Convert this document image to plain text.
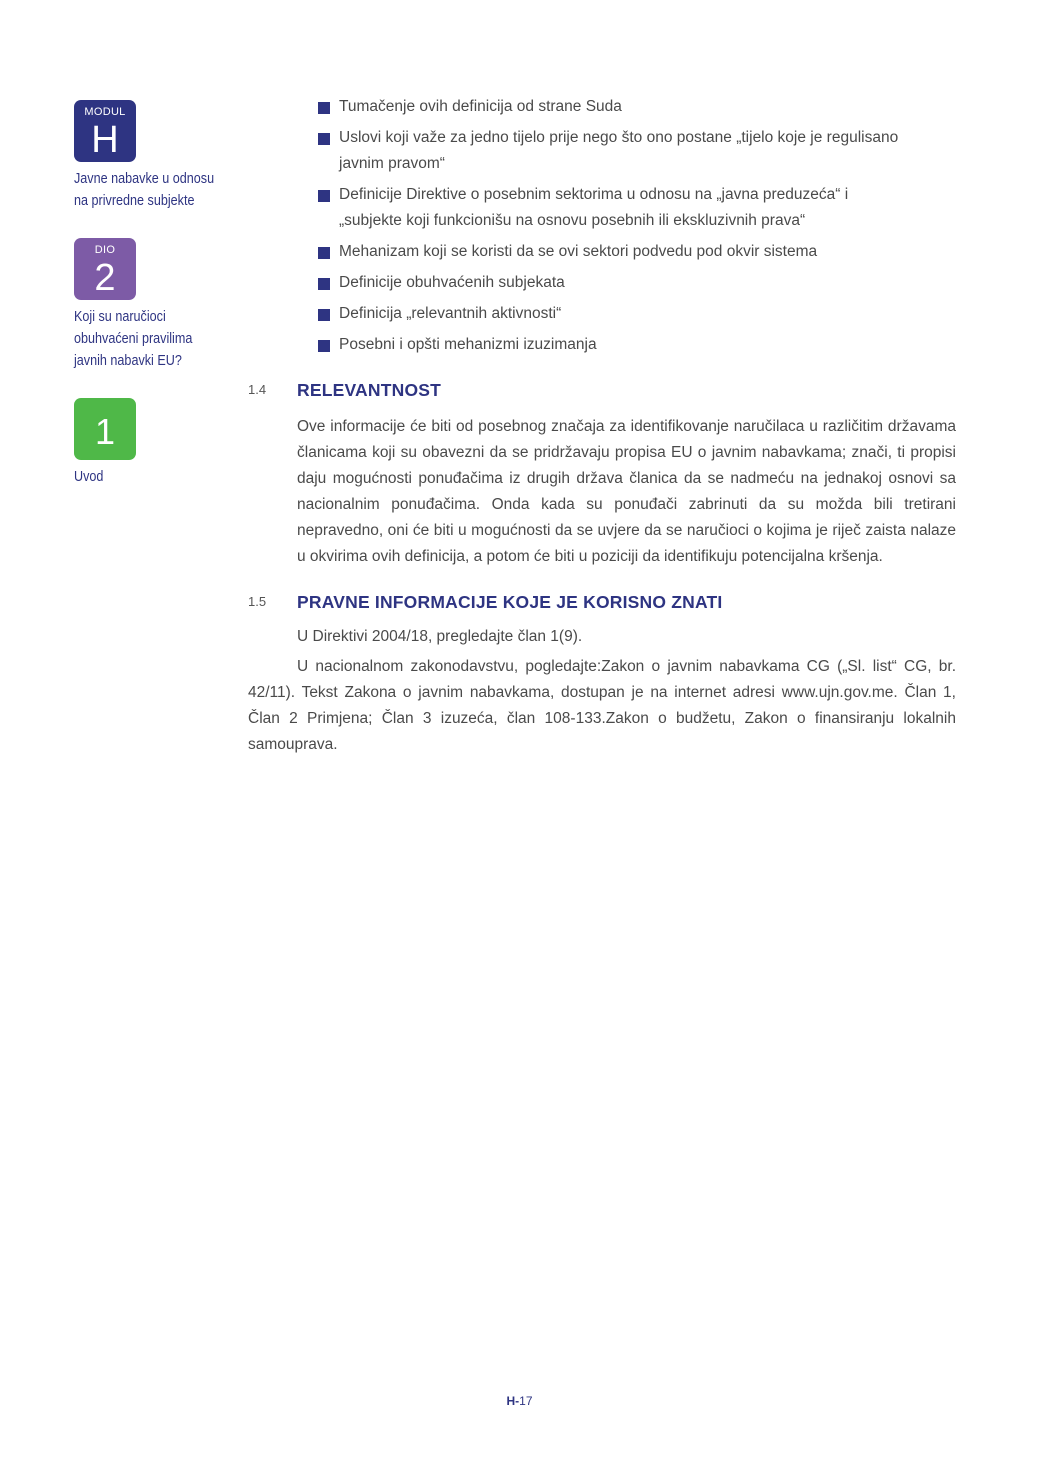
MODUL
H
Javne nabavke u odnosu
na privredne subjekte
DIO
2
Koji su naručioci
obuhvaćeni pravilima
javnih nabavki EU?
1
Uvod
Tumačenje ovih definicija od strane Suda
Uslovi koji važe za jedno tijelo prije nego što ono postane „tijelo koje je regulisano
javnim pravom“
Definicije Direktive o posebnim sektorima u odnosu na „javna preduzeća“ i
„subjekte koji funkcionišu na osnovu posebnih ili ekskluzivnih prava“
Mehanizam koji se koristi da se ovi sektori podvedu pod okvir sistema
Definicije obuhvaćenih subjekata
Definicija „relevantnih aktivnosti“
Posebni i opšti mehanizmi izuzimanja
1.4 RELEVANTNOST
Ove informacije će biti od posebnog značaja za identifikovanje naručilaca u različitim državama članicama koji su obavezni da se pridržavaju propisa EU o javnim nabavkama; znači, ti propisi daju mogućnosti ponuđačima iz drugih država članica da se nadmeću na jednakoj osnovi sa nacionalnim ponuđačima. Onda kada su ponuđači zabrinuti da su možda bili tretirani nepravedno, oni će biti u mogućnosti da se uvjere da se naručioci o kojima je riječ zaista nalaze u okvirima ovih definicija, a potom će biti u poziciji da identifikuju potencijalna kršenja.
1.5 PRAVNE INFORMACIJE KOJE JE KORISNO ZNATI
U Direktivi 2004/18, pregledajte član 1(9).
U nacionalnom zakonodavstvu, pogledajte:Zakon o javnim nabavkama CG („Sl. list“ CG, br. 42/11). Tekst Zakona o javnim nabavkama, dostupan je na internet adresi www.ujn.gov.me. Član 1, Član 2 Primjena; Član 3 izuzeća, član 108-133.Zakon o budžetu, Zakon o finansiranju lokalnih samouprava.
H-17
